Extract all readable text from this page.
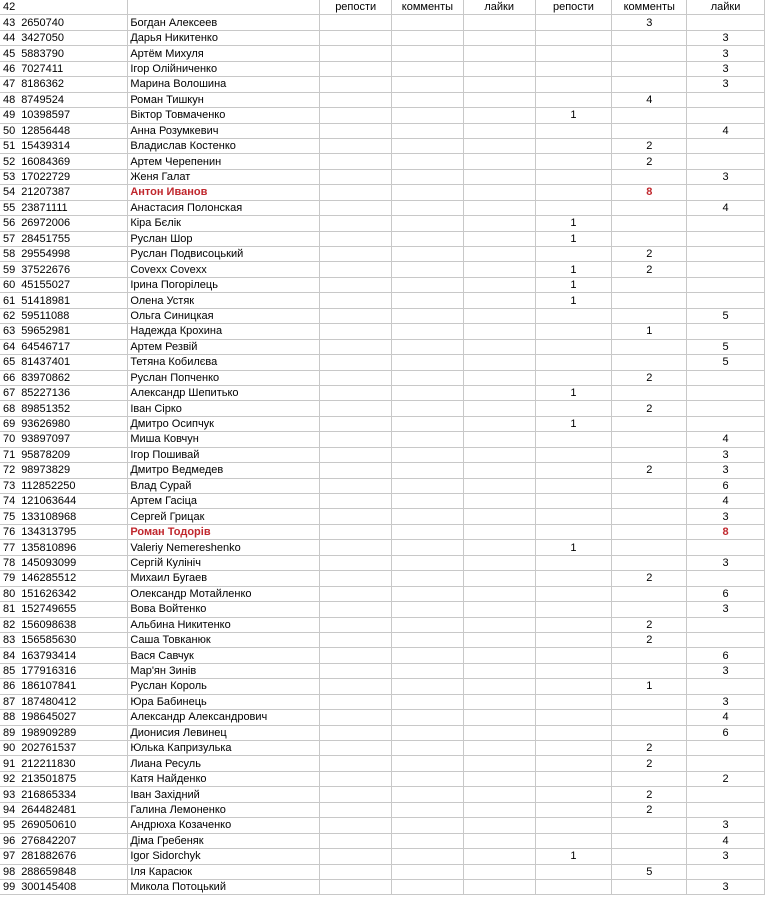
42			репости	комменты	лайки	репости	комменты	лайки
43	2650740	Богдан Алексеев					3	
44	3427050	Дарья Никитенко						3
45	5883790	Артём Михуля						3
46	7027411	Ігор Олійниченко						3
47	8186362	Марина Волошина						3
48	8749524	Роман Тишкун					4	
49	10398597	Віктор Товмаченко				1		
50	12856448	Анна Розумкевич						4
51	15439314	Владислав Костенко					2	
52	16084369	Артем Черепенин					2	
53	17022729	Женя Галат						3
54	21207387	Антон Иванов					8	
55	23871111	Анастасия Полонская						4
56	26972006	Кіра Бєлік				1		
57	28451755	Руслан Шор				1		
58	29554998	Руслан Подвисоцький					2	
59	37522676	Covexx Covexx				1	2	
60	45155027	Ірина Погорілець				1		
61	51418981	Олена Устяк				1		
62	59511088	Ольга Синицкая						5
63	59652981	Надежда Крохина					1	
64	64546717	Артем Резвій						5
65	81437401	Тетяна Кобилєва						5
66	83970862	Руслан Попченко					2	
67	85227136	Александр Шепитько				1		
68	89851352	Іван Сірко					2	
69	93626980	Дмитро Осипчук				1		
70	93897097	Миша Ковчун						4
71	95878209	Ігор Пошивай						3
72	98973829	Дмитро Ведмедев					2	3
73	112852250	Влад Сурай						6
74	121063644	Артем Гасіца						4
75	133108968	Сергей Грицак						3
76	134313795	Роман Тодорів						8
77	135810896	Valeriy Nemereshenko				1		
78	145093099	Сергій Кулініч						3
79	146285512	Михаил Бугаев					2	
80	151626342	Олександр Мотайленко						6
81	152749655	Вова Войтенко						3
82	156098638	Альбина Никитенко					2	
83	156585630	Саша Товканюк					2	
84	163793414	Вася Савчук						6
85	177916316	Мар'ян Зинів						3
86	186107841	Руслан Король					1	
87	187480412	Юра Бабинець						3
88	198645027	Александр Александрович						4
89	198909289	Дионисия Левинец						6
90	202761537	Юлька Капризулька					2	
91	212211830	Лиана Ресуль					2	
92	213501875	Катя Найденко						2
93	216865334	Іван Західний					2	
94	264482481	Галина Лемоненко					2	
95	269050610	Андрюха Козаченко						3
96	276842207	Діма Гребеняк						4
97	281882676	Igor Sidorchyk				1		3
98	288659848	Іля Карасюк					5	
99	300145408	Микола Потоцький						3
